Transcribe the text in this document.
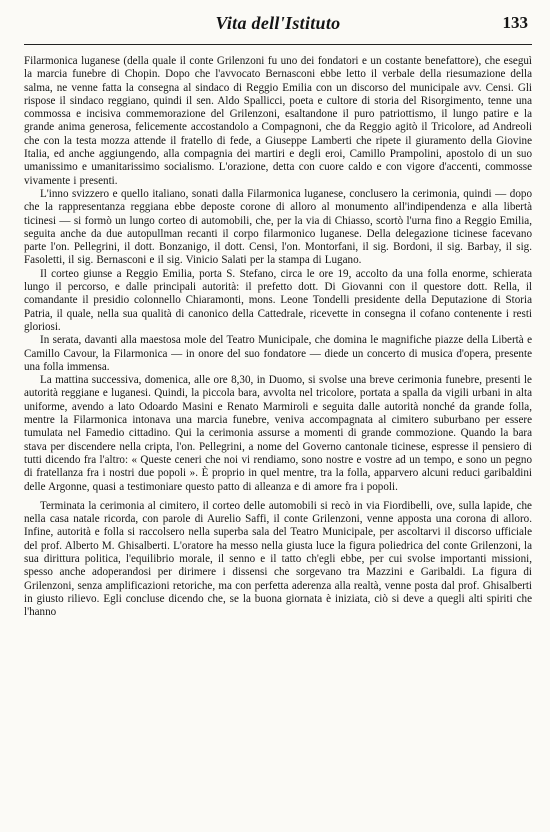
Vita dell'Istituto	133

Filarmonica luganese (della quale il conte Grilenzoni fu uno dei fondatori e un costante benefattore), che eseguì la marcia funebre di Chopin. Dopo che l'avvocato Bernasconi ebbe letto il verbale della riesumazione della salma, ne venne fatta la consegna al sindaco di Reggio Emilia con un discorso del municipale avv. Censi. Gli rispose il sindaco reggiano, quindi il sen. Aldo Spallicci, poeta e cultore di storia del Risorgimento, tenne una commossa e incisiva commemorazione del Grilenzoni, esaltandone il puro patriottismo, il lungo patire e la grande anima generosa, felicemente accostandolo a Compagnoni, che da Reggio agitò il Tricolore, ad Andreoli che con la testa mozza attende il fratello di fede, a Giuseppe Lamberti che ripete il giuramento della Giovine Italia, ed anche aggiungendo, alla compagnia dei martiri e degli eroi, Camillo Prampolini, apostolo di un suo umanissimo e umanitarissimo socialismo. L'orazione, detta con cuore caldo e con vigore d'accenti, commosse vivamente i presenti.

L'inno svizzero e quello italiano, sonati dalla Filarmonica luganese, conclusero la cerimonia, quindi — dopo che la rappresentanza reggiana ebbe deposte corone di alloro al monumento all'indipendenza e alla libertà ticinesi — si formò un lungo corteo di automobili, che, per la via di Chiasso, scortò l'urna fino a Reggio Emilia, seguita anche da due autopullman recanti il corpo filarmonico luganese. Della delegazione ticinese facevano parte l'on. Pellegrini, il dott. Bonzanigo, il dott. Censi, l'on. Montorfani, il sig. Bordoni, il sig. Barbay, il sig. Fasoletti, il sig. Bernasconi e il sig. Vinicio Salati per la stampa di Lugano.

Il corteo giunse a Reggio Emilia, porta S. Stefano, circa le ore 19, accolto da una folla enorme, schierata lungo il percorso, e dalle principali autorità: il prefetto dott. Di Giovanni con il questore dott. Rella, il comandante il presidio colonnello Chiaramonti, mons. Leone Tondelli presidente della Deputazione di Storia Patria, il quale, nella sua qualità di canonico della Cattedrale, ricevette in consegna il cofano contenente i resti gloriosi.

In serata, davanti alla maestosa mole del Teatro Municipale, che domina le magnifiche piazze della Libertà e Camillo Cavour, la Filarmonica — in onore del suo fondatore — diede un concerto di musica d'opera, presente una folla immensa.

La mattina successiva, domenica, alle ore 8,30, in Duomo, si svolse una breve cerimonia funebre, presenti le autorità reggiane e luganesi. Quindi, la piccola bara, avvolta nel tricolore, portata a spalla da vigili urbani in alta uniforme, avendo a lato Odoardo Masini e Renato Marmiroli e seguita dalle autorità nonché da grande folla, mentre la Filarmonica intonava una marcia funebre, veniva accompagnata al cimitero suburbano per essere tumulata nel Famedio cittadino. Qui la cerimonia assurse a momenti di grande commozione. Quando la bara stava per discendere nella cripta, l'on. Pellegrini, a nome del Governo cantonale ticinese, espresse il pensiero di tutti dicendo fra l'altro: « Queste ceneri che noi vi rendiamo, sono nostre e vostre ad un tempo, e sono un pegno di fratellanza fra i nostri due popoli ». È proprio in quel mentre, tra la folla, apparvero alcuni reduci garibaldini delle Argonne, quasi a testimoniare questo patto di alleanza e di amore fra i popoli.

Terminata la cerimonia al cimitero, il corteo delle automobili si recò in via Fiordibelli, ove, sulla lapide, che nella casa natale ricorda, con parole di Aurelio Saffi, il conte Grilenzoni, venne apposta una corona di alloro. Infine, autorità e folla si raccolsero nella superba sala del Teatro Municipale, per ascoltarvi il discorso ufficiale del prof. Alberto M. Ghisalberti. L'oratore ha messo nella giusta luce la figura poliedrica del conte Grilenzoni, la sua dirittura politica, l'equilibrio morale, il senno e il tatto ch'egli ebbe, per cui svolse importanti missioni, spesso anche adoperandosi per dirimere i dissensi che sorgevano tra Mazzini e Garibaldi. La figura di Grilenzoni, senza amplificazioni retoriche, ma con perfetta aderenza alla realtà, venne posta dal prof. Ghisalberti in giusto rilievo. Egli concluse dicendo che, se la buona giornata è iniziata, ciò si deve a quegli alti spiriti che l'hanno
